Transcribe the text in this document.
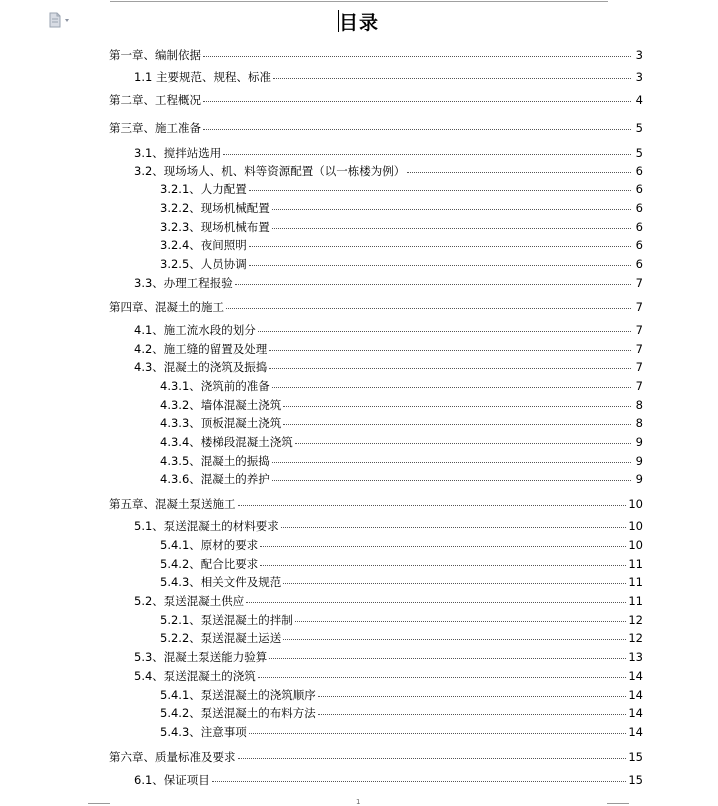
目录
第一章、编制依据	3
1.1 主要规范、规程、标准	3
第二章、工程概况	4
第三章、施工准备	5
3.1、搅拌站选用	5
3.2、现场场人、机、料等资源配置（以一栋楼为例）	6
3.2.1、人力配置	6
3.2.2、现场机械配置	6
3.2.3、现场机械布置	6
3.2.4、夜间照明	6
3.2.5、人员协调	6
3.3、办理工程报验	7
第四章、混凝土的施工	7
4.1、施工流水段的划分	7
4.2、施工缝的留置及处理	7
4.3、混凝土的浇筑及振捣	7
4.3.1、浇筑前的准备	7
4.3.2、墙体混凝土浇筑	8
4.3.3、顶板混凝土浇筑	8
4.3.4、楼梯段混凝土浇筑	9
4.3.5、混凝土的振捣	9
4.3.6、混凝土的养护	9
第五章、混凝土泵送施工	10
5.1、泵送混凝土的材料要求	10
5.4.1、原材的要求	10
5.4.2、配合比要求	11
5.4.3、相关文件及规范	11
5.2、泵送混凝土供应	11
5.2.1、泵送混凝土的拌制	12
5.2.2、泵送混凝土运送	12
5.3、混凝土泵送能力验算	13
5.4、泵送混凝土的浇筑	14
5.4.1、泵送混凝土的浇筑顺序	14
5.4.2、泵送混凝土的布料方法	14
5.4.3、注意事项	14
第六章、质量标准及要求	15
6.1、保证项目	15
1
